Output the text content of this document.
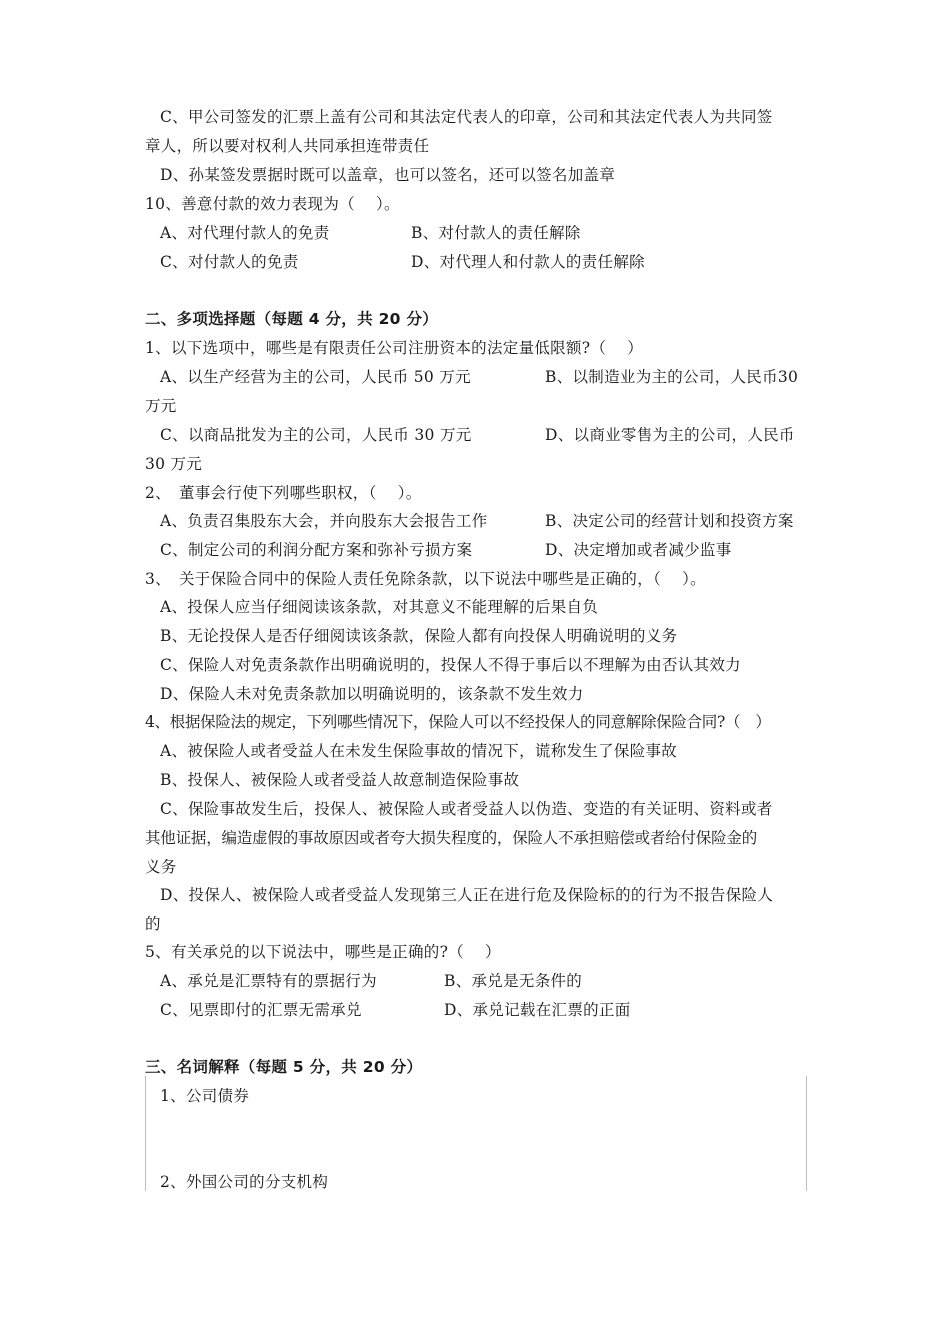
C、甲公司签发的汇票上盖有公司和其法定代表人的印章，公司和其法定代表人为共同签
章人，所以要对权利人共同承担连带责任
D、孙某签发票据时既可以盖章，也可以签名，还可以签名加盖章
10、善意付款的效力表现为（　 ）。
A、对代理付款人的免责	B、对付款人的责任解除
C、对付款人的免责	D、对代理人和付款人的责任解除
二、多项选择题（每题 4 分，共 20 分）
1、以下选项中，哪些是有限责任公司注册资本的法定量低限额?（　 ）
A、以生产经营为主的公司，人民币 50 万元	B、以制造业为主的公司，人民币30
万元
C、以商品批发为主的公司，人民币 30 万元	D、以商业零售为主的公司，人民币
30 万元
2、　董事会行使下列哪些职权，（　 ）。
A、负责召集股东大会，并向股东大会报告工作	B、决定公司的经营计划和投资方案
C、制定公司的利润分配方案和弥补亏损方案	D、决定增加或者减少监事
3、　关于保险合同中的保险人责任免除条款，以下说法中哪些是正确的，（　 ）。
A、投保人应当仔细阅读该条款，对其意义不能理解的后果自负
B、无论投保人是否仔细阅读该条款，保险人都有向投保人明确说明的义务
C、保险人对免责条款作出明确说明的，投保人不得于事后以不理解为由否认其效力
D、保险人未对免责条款加以明确说明的，该条款不发生效力
4、根据保险法的规定，下列哪些情况下，保险人可以不经投保人的同意解除保险合同?（　）
A、被保险人或者受益人在未发生保险事故的情况下，谎称发生了保险事故
B、投保人、被保险人或者受益人故意制造保险事故
C、保险事故发生后，投保人、被保险人或者受益人以伪造、变造的有关证明、资料或者
其他证据，编造虚假的事故原因或者夸大损失程度的，保险人不承担赔偿或者给付保险金的
义务
D、投保人、被保险人或者受益人发现第三人正在进行危及保险标的的行为不报告保险人
的
5、有关承兑的以下说法中，哪些是正确的?（　 ）
A、承兑是汇票特有的票据行为	B、承兑是无条件的
C、见票即付的汇票无需承兑	D、承兑记载在汇票的正面
三、名词解释（每题 5 分，共 20 分）
1、公司债券
2、外国公司的分支机构
